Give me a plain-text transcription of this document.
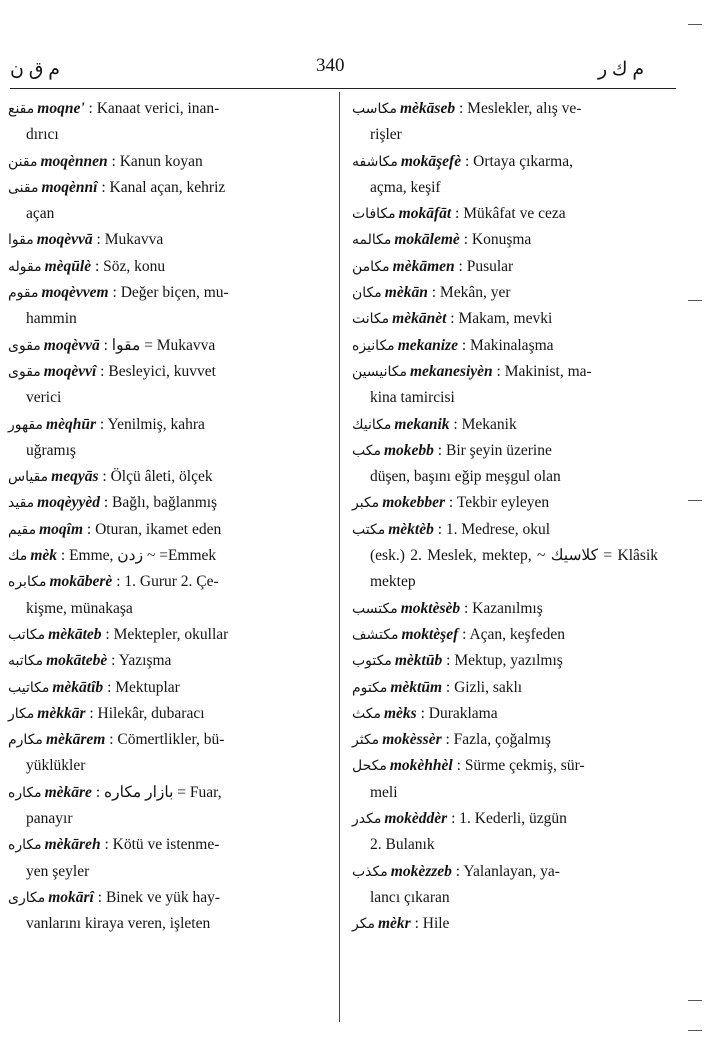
م ق ن	340	م ك ر
مقنع moqne' : Kanaat verici, inan-
dırıcı
مقنن moqènnen : Kanun koyan
مقنی moqènnî : Kanal açan, kehriz
açan
مقوا moqèvvā : Mukavva
مقوله mèqūlè : Söz, konu
مقوم moqèvvem : Değer biçen, mu-
hammin
مقوی moqèvvā : مقوا = Mukavva
مقوی moqèvvî : Besleyici, kuvvet
verici
مقهور mèqhūr : Yenilmiş, kahra
uğramış
مقیاس meqyās : Ölçü âleti, ölçek
مقید moqèyyèd : Bağlı, bağlanmış
مقیم moqîm : Oturan, ikamet eden
مك mèk : Emme, زدن ~ =Emmek
مكابره mokāberè : 1. Gurur 2. Çe-
kişme, münakaşa
مكاتب mèkāteb : Mektepler, okullar
مكاتبه mokātebè : Yazışma
مكاتیب mèkātîb : Mektuplar
مكار mèkkār : Hilekâr, dubaracı
مكارم mèkārem : Cömertlikler, bü-
yüklükler
مكاره mèkāre : بازار مكاره = Fuar,
panayır
مكاره mèkāreh : Kötü ve istenme-
yen şeyler
مكاری mokārî : Binek ve yük hay-
vanlarını kiraya veren, işleten
مكاسب mèkāseb : Meslekler, alış ve-
rişler
مكاشفه mokāşefè : Ortaya çıkarma,
açma, keşif
مكافات mokāfāt : Mükâfat ve ceza
مكالمه mokālemè : Konuşma
مكامن mèkāmen : Pusular
مكان mèkān : Mekân, yer
مكانت mèkānèt : Makam, mevki
مكانیزه mekanize : Makinalaşma
مكانیسین mekanesiyèn : Makinist, ma-
kina tamircisi
مكانیك mekanik : Mekanik
مكب mokebb : Bir şeyin üzerine
düşen, başını eğip meşgul olan
مكبر mokebber : Tekbir eyleyen
مكتب mèktèb : 1. Medrese, okul
(esk.) 2. Meslek, mektep, ~ كلاسیك = Klâsik mektep
مكتسب moktèsèb : Kazanılmış
مكتشف moktèşef : Açan, keşfeden
مكتوب mèktūb : Mektup, yazılmış
مكتوم mèktūm : Gizli, saklı
مكث mèks : Duraklama
مكثر mokèssèr : Fazla, çoğalmış
مكحل mokèhhèl : Sürme çekmiş, sür-
meli
مكدر mokèddèr : 1. Kederli, üzgün
2. Bulanık
مكذب mokèzzeb : Yalanlayan, ya-
lancı çıkaran
مكر mèkr : Hile
